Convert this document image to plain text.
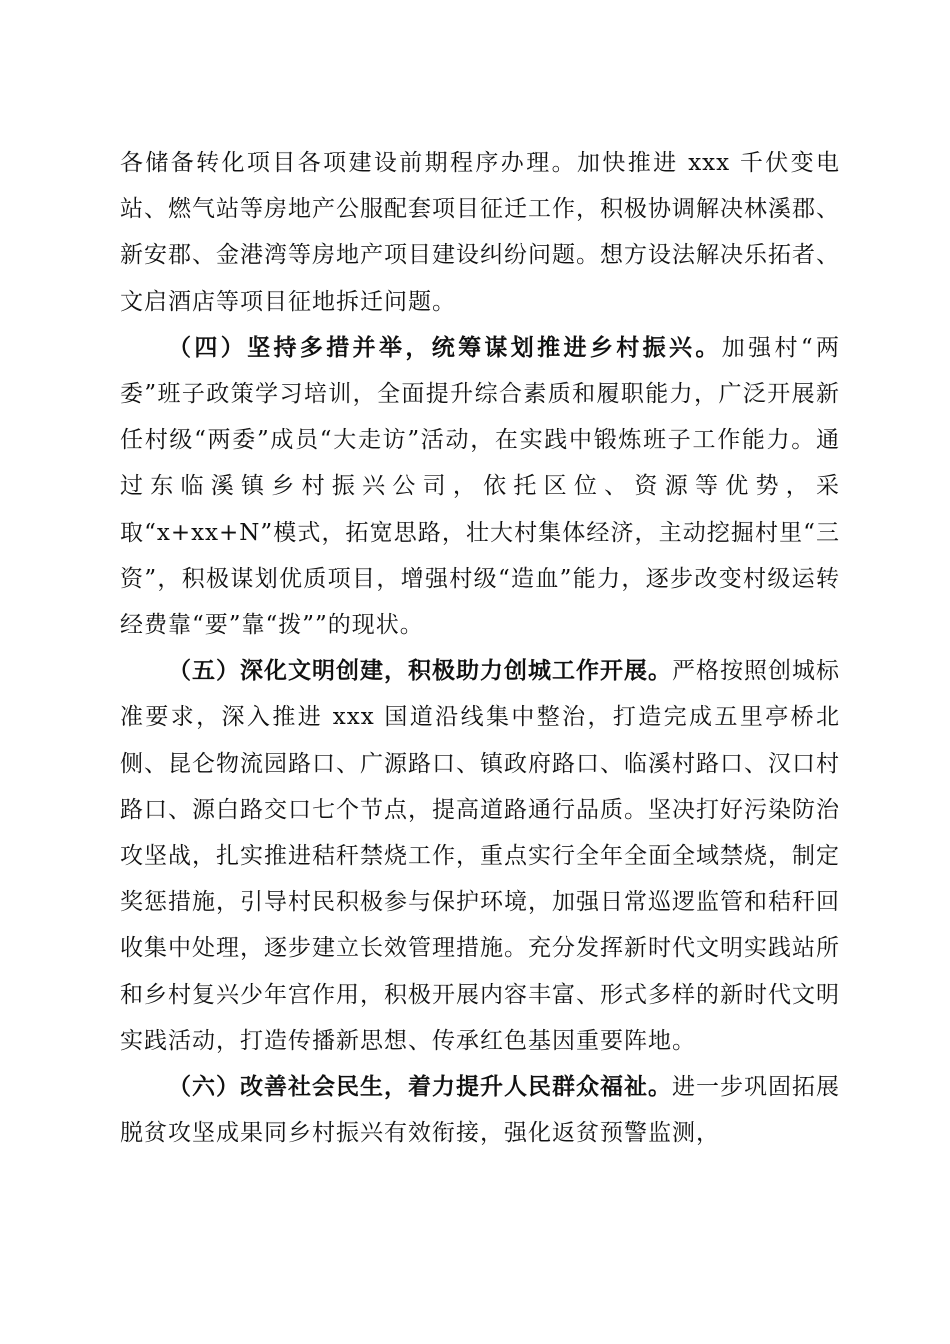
各储备转化项目各项建设前期程序办理。加快推进 xxx 千伏变电站、燃气站等房地产公服配套项目征迁工作，积极协调解决林溪郡、新安郡、金港湾等房地产项目建设纠纷问题。想方设法解决乐拓者、文启酒店等项目征地拆迁问题。

（四）坚持多措并举，统筹谋划推进乡村振兴。加强村“两委”班子政策学习培训，全面提升综合素质和履职能力，广泛开展新任村级“两委”成员“大走访”活动，在实践中锻炼班子工作能力。通过东临溪镇乡村振兴公司，依托区位、资源等优势，采取“x+xx+N”模式，拓宽思路，壮大村集体经济，主动挖掘村里“三资”，积极谋划优质项目，增强村级“造血”能力，逐步改变村级运转经费靠“要”靠“拨””的现状。

（五）深化文明创建，积极助力创城工作开展。严格按照创城标准要求，深入推进 xxx 国道沿线集中整治，打造完成五里亭桥北侧、昆仑物流园路口、广源路口、镇政府路口、临溪村路口、汉口村路口、源白路交口七个节点，提高道路通行品质。坚决打好污染防治攻坚战，扎实推进秸秆禁烧工作，重点实行全年全面全域禁烧，制定奖惩措施，引导村民积极参与保护环境，加强日常巡逻监管和秸秆回收集中处理，逐步建立长效管理措施。充分发挥新时代文明实践站所和乡村复兴少年宫作用，积极开展内容丰富、形式多样的新时代文明实践活动，打造传播新思想、传承红色基因重要阵地。

（六）改善社会民生，着力提升人民群众福祉。进一步巩固拓展脱贫攻坚成果同乡村振兴有效衔接，强化返贫预警监测，
